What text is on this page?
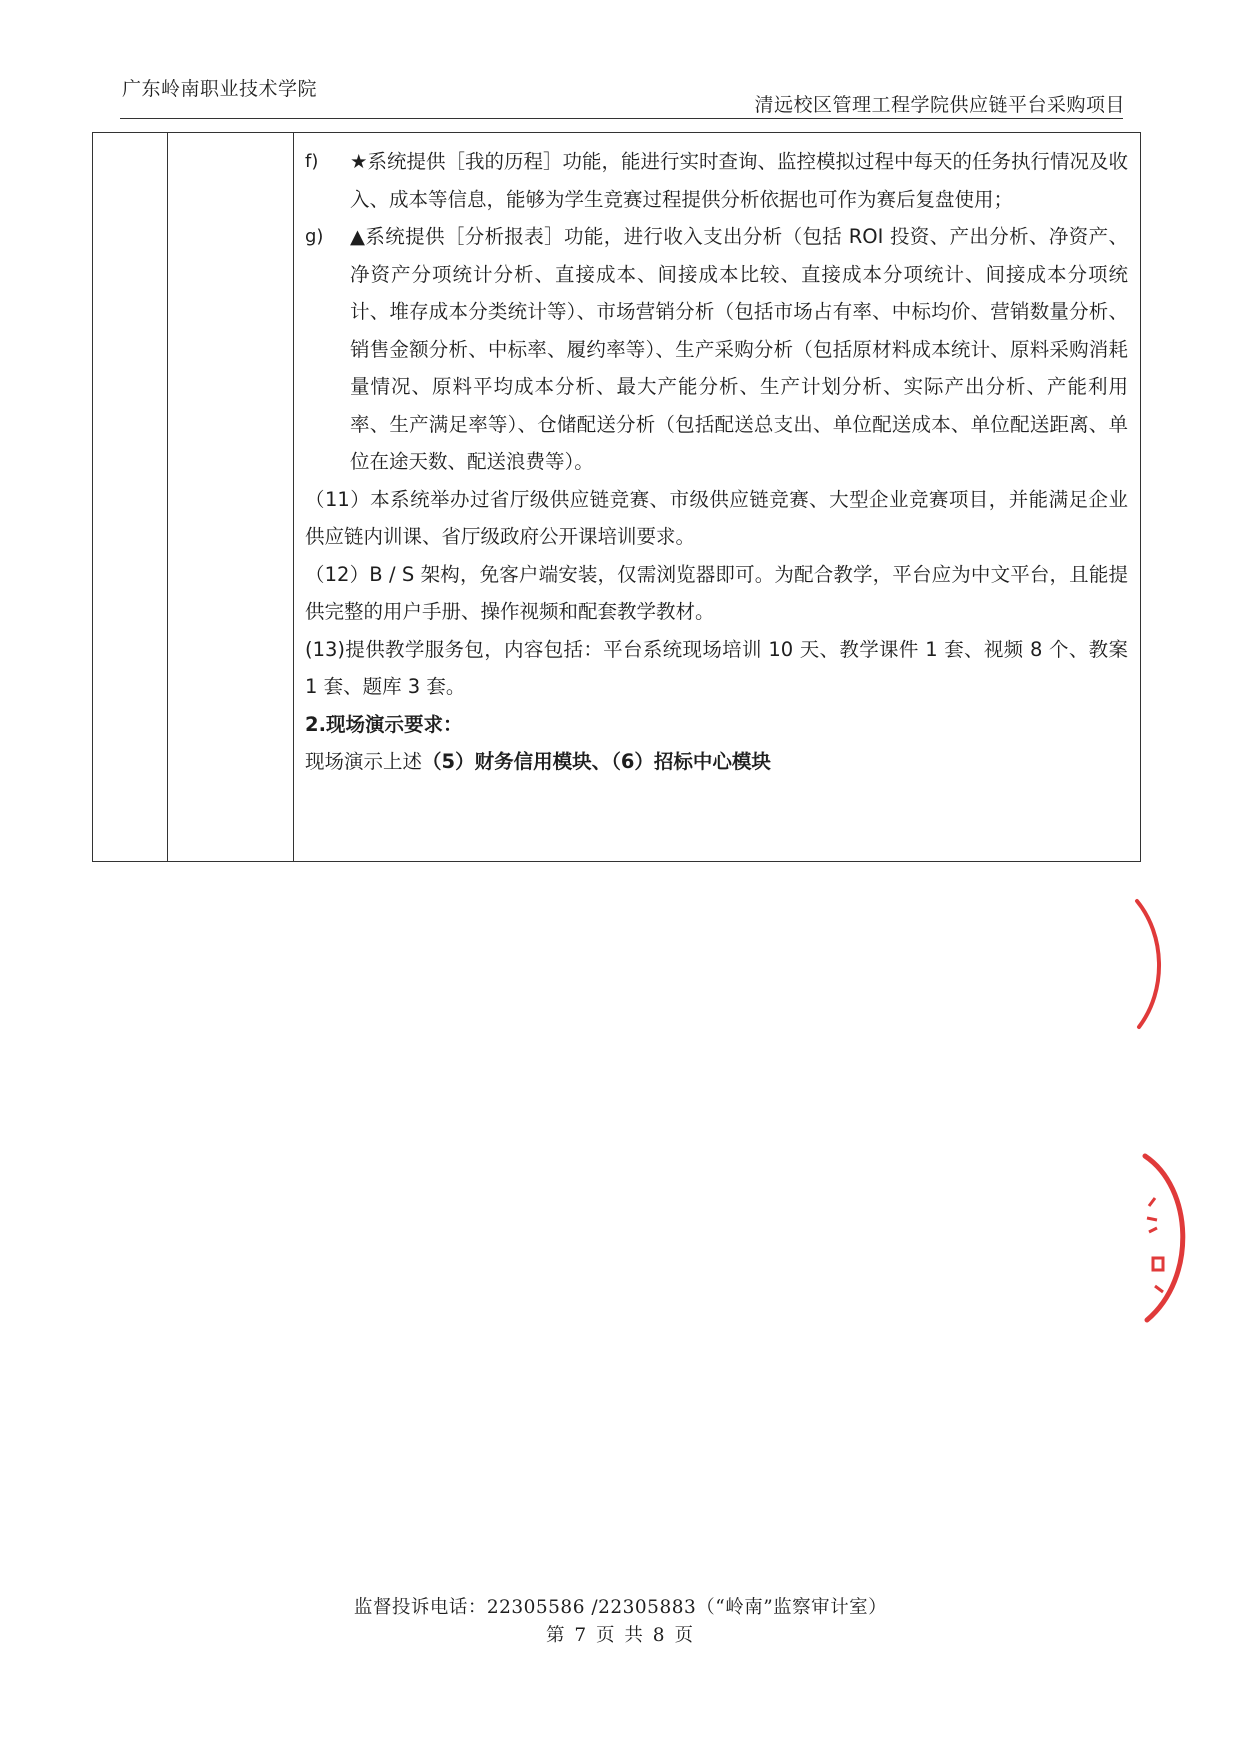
广东岭南职业技术学院
清远校区管理工程学院供应链平台采购项目
f)	★系统提供［我的历程］功能，能进行实时查询、监控模拟过程中每天的任务执行情况及收入、成本等信息，能够为学生竞赛过程提供分析依据也可作为赛后复盘使用；
g)	▲系统提供［分析报表］功能，进行收入支出分析（包括 ROI 投资、产出分析、净资产、净资产分项统计分析、直接成本、间接成本比较、直接成本分项统计、间接成本分项统计、堆存成本分类统计等）、市场营销分析（包括市场占有率、中标均价、营销数量分析、销售金额分析、中标率、履约率等）、生产采购分析（包括原材料成本统计、原料采购消耗量情况、原料平均成本分析、最大产能分析、生产计划分析、实际产出分析、产能利用率、生产满足率等）、仓储配送分析（包括配送总支出、单位配送成本、单位配送距离、单位在途天数、配送浪费等）。
（11）本系统举办过省厅级供应链竞赛、市级供应链竞赛、大型企业竞赛项目，并能满足企业供应链内训课、省厅级政府公开课培训要求。
（12）B / S 架构，免客户端安装，仅需浏览器即可。为配合教学，平台应为中文平台，且能提供完整的用户手册、操作视频和配套教学教材。
(13)提供教学服务包，内容包括：平台系统现场培训 10 天、教学课件 1 套、视频 8 个、教案 1 套、题库 3 套。
2.现场演示要求：
现场演示上述（5）财务信用模块、（6）招标中心模块
监督投诉电话：22305586 /22305883（“岭南”监察审计室）
第 7 页 共 8 页
